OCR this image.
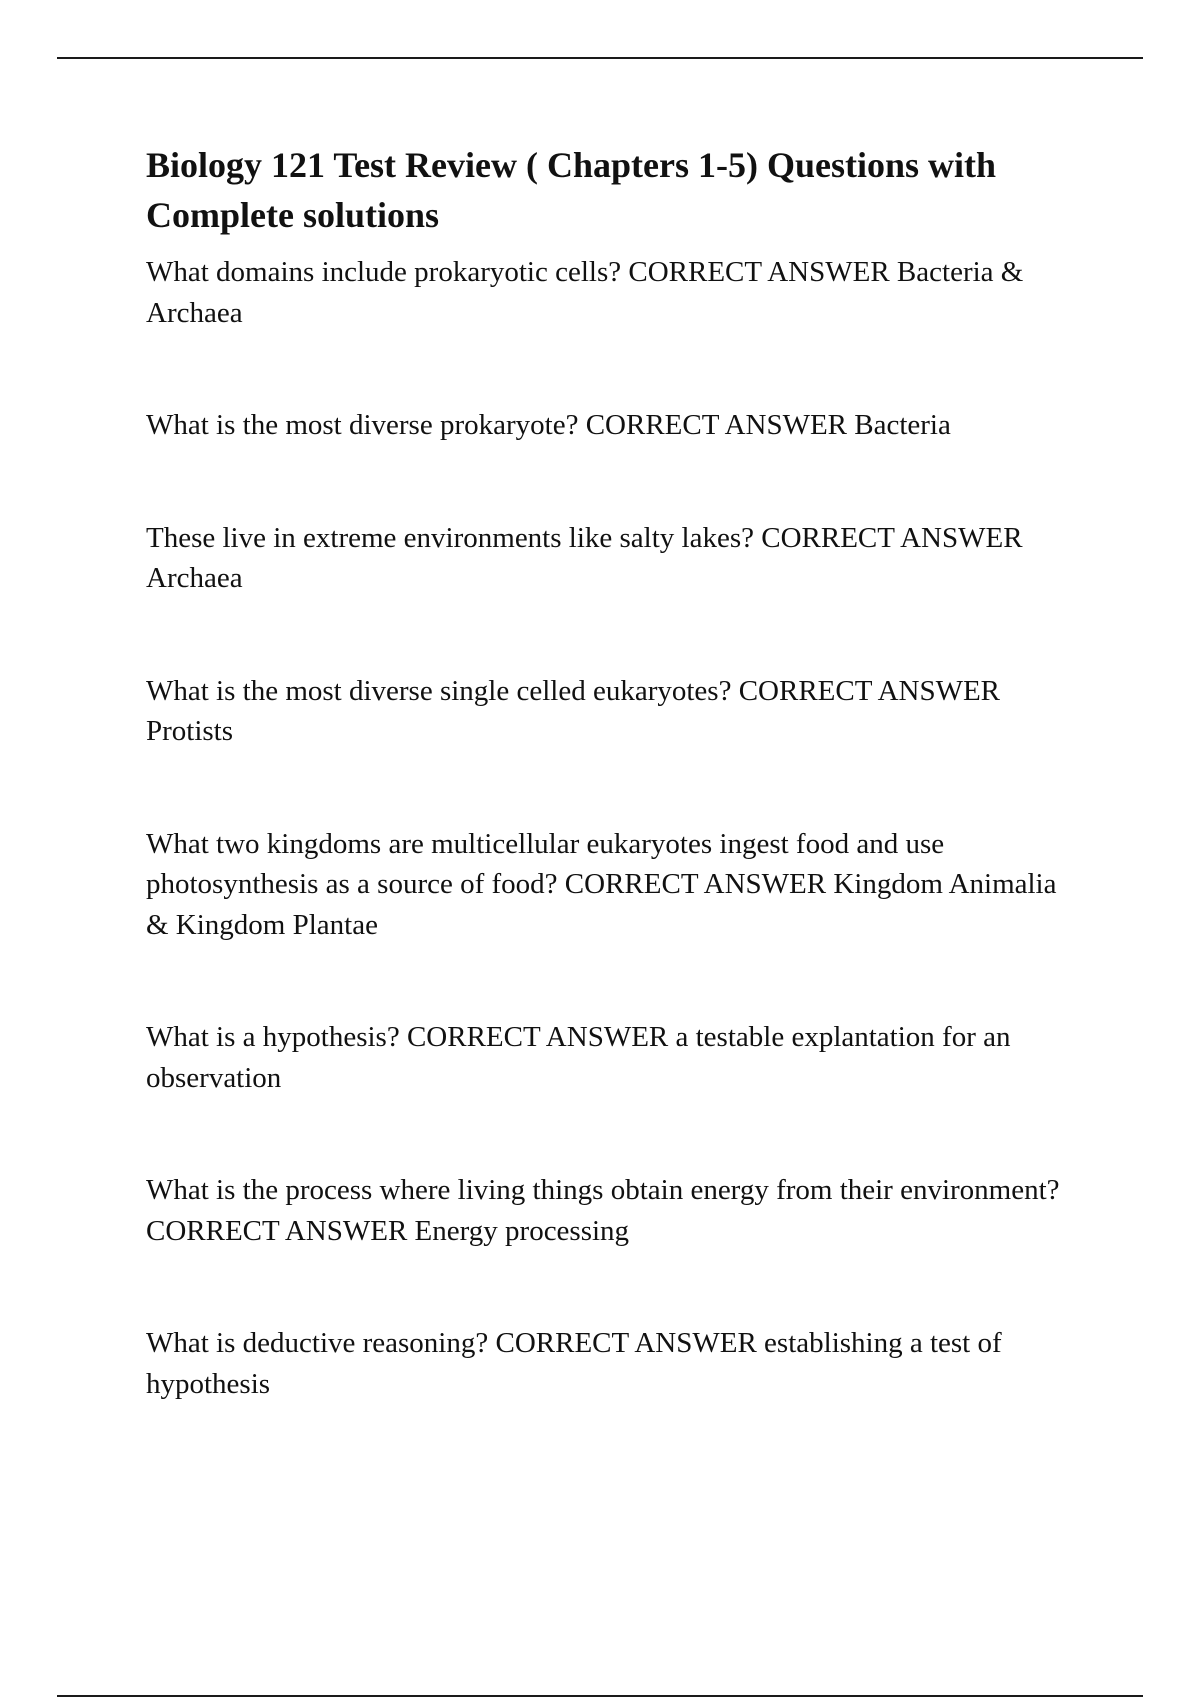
Biology 121 Test Review ( Chapters 1-5) Questions with Complete solutions
What domains include prokaryotic cells? CORRECT ANSWER Bacteria & Archaea
What is the most diverse prokaryote? CORRECT ANSWER Bacteria
These live in extreme environments like salty lakes? CORRECT ANSWER Archaea
What is the most diverse single celled eukaryotes? CORRECT ANSWER Protists
What two kingdoms are multicellular eukaryotes ingest food and use photosynthesis as a source of food? CORRECT ANSWER Kingdom Animalia & Kingdom Plantae
What is a hypothesis? CORRECT ANSWER a testable explantation for an observation
What is the process where living things obtain energy from their environment? CORRECT ANSWER Energy processing
What is deductive reasoning? CORRECT ANSWER establishing a test of hypothesis
